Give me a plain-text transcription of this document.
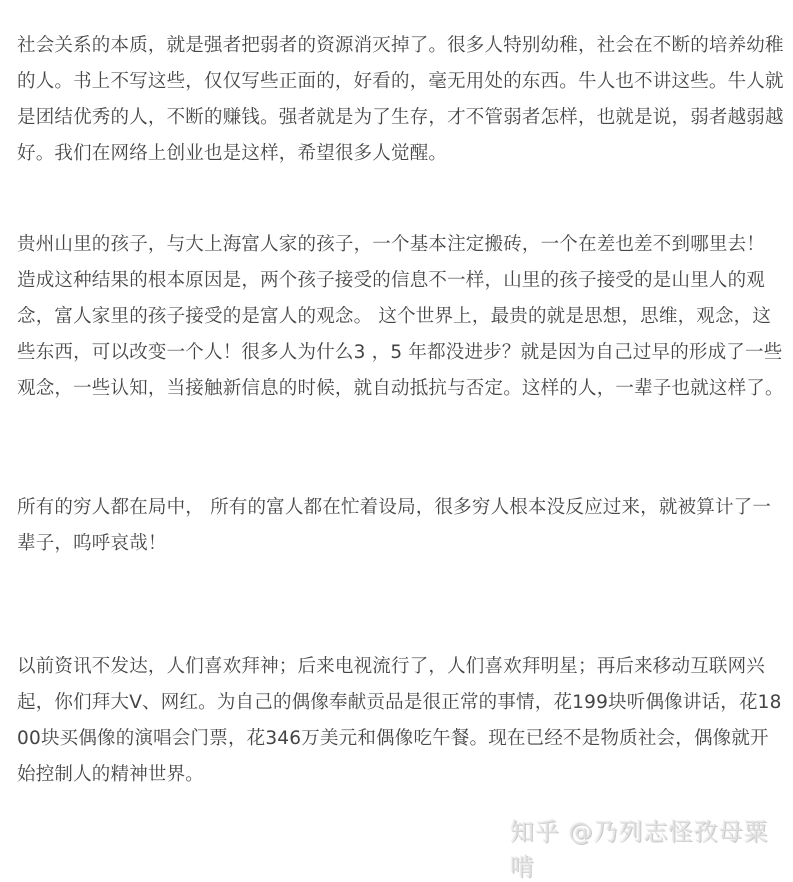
社会关系的本质，就是强者把弱者的资源消灭掉了。很多人特别幼稚，社会在不断的培养幼稚的人。书上不写这些，仅仅写些正面的，好看的，毫无用处的东西。牛人也不讲这些。牛人就是团结优秀的人，不断的赚钱。强者就是为了生存，才不管弱者怎样，也就是说，弱者越弱越好。我们在网络上创业也是这样，希望很多人觉醒。

贵州山里的孩子，与大上海富人家的孩子，一个基本注定搬砖，一个在差也差不到哪里去！ 造成这种结果的根本原因是，两个孩子接受的信息不一样，山里的孩子接受的是山里人的观念，富人家里的孩子接受的是富人的观念。 这个世界上，最贵的就是思想，思维，观念，这些东西，可以改变一个人！很多人为什么3 ，5 年都没进步？就是因为自己过早的形成了一些观念，一些认知，当接触新信息的时候，就自动抵抗与否定。这样的人，一辈子也就这样了。

所有的穷人都在局中， 所有的富人都在忙着设局，很多穷人根本没反应过来，就被算计了一辈子，呜呼哀哉！

以前资讯不发达，人们喜欢拜神；后来电视流行了，人们喜欢拜明星；再后来移动互联网兴起，你们拜大V、网红。为自己的偶像奉献贡品是很正常的事情，花199块听偶像讲话，花1800块买偶像的演唱会门票，花346万美元和偶像吃午餐。现在已经不是物质社会，偶像就开始控制人的精神世界。

知乎 @乃列志怪孜母粟啃
